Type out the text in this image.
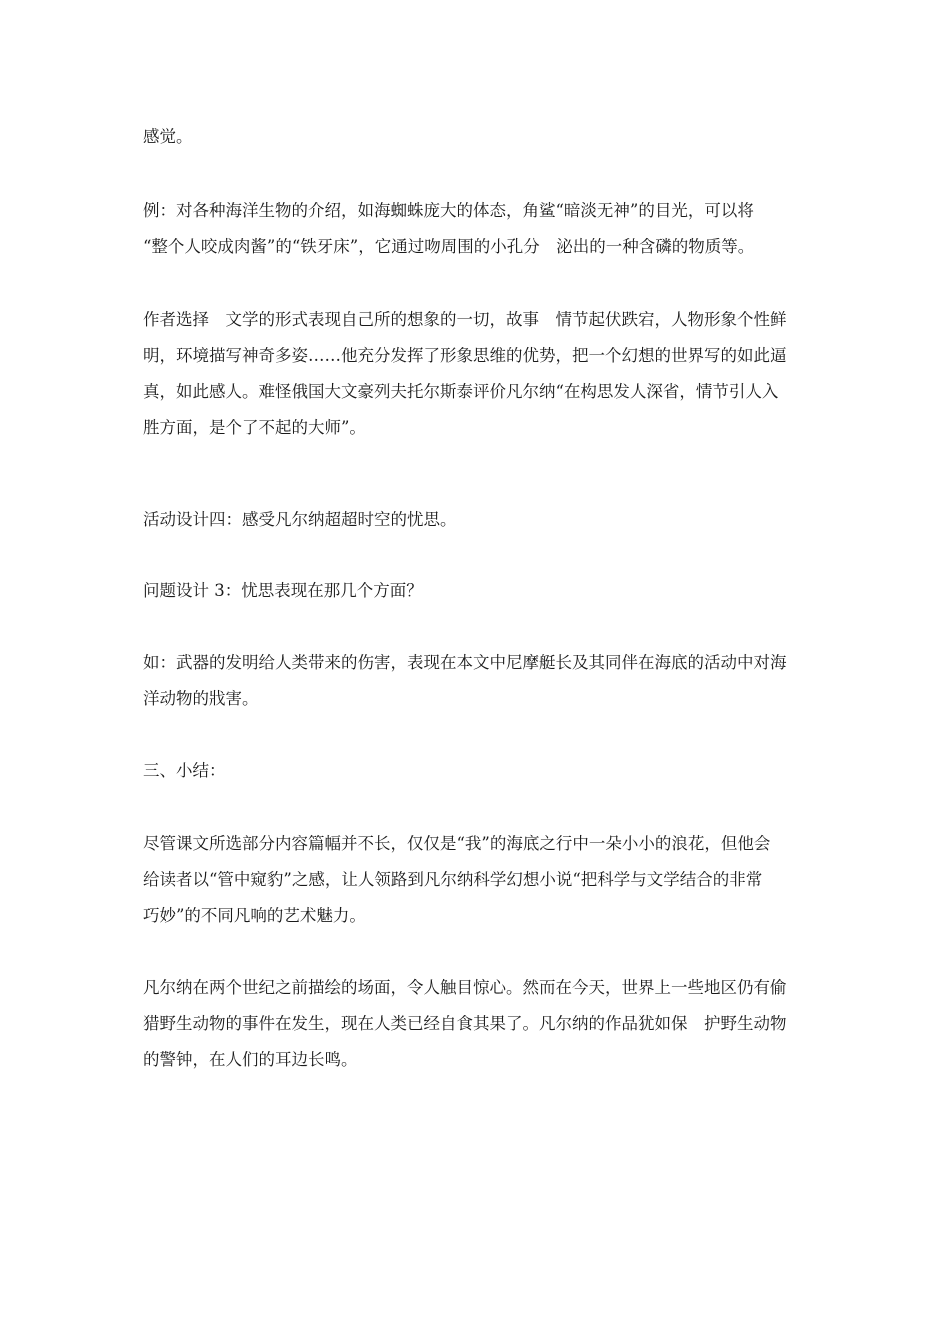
感觉。

例：对各种海洋生物的介绍，如海蜘蛛庞大的体态，角鲨“暗淡无神”的目光，可以将
“整个人咬成肉酱”的“铁牙床”，它通过吻周围的小孔分　泌出的一种含磷的物质等。

作者选择　文学的形式表现自己所的想象的一切，故事　情节起伏跌宕，人物形象个性鲜
明，环境描写神奇多姿……他充分发挥了形象思维的优势，把一个幻想的世界写的如此逼
真，如此感人。难怪俄国大文豪列夫托尔斯泰评价凡尔纳“在构思发人深省，情节引人入
胜方面，是个了不起的大师”。

活动设计四：感受凡尔纳超超时空的忧思。

问题设计 3：忧思表现在那几个方面？

如：武器的发明给人类带来的伤害，表现在本文中尼摩艇长及其同伴在海底的活动中对海
洋动物的戕害。

三、小结：

尽管课文所选部分内容篇幅并不长，仅仅是“我”的海底之行中一朵小小的浪花，但他会
给读者以“管中窥豹”之感，让人领路到凡尔纳科学幻想小说“把科学与文学结合的非常
巧妙”的不同凡响的艺术魅力。

凡尔纳在两个世纪之前描绘的场面，令人触目惊心。然而在今天，世界上一些地区仍有偷
猎野生动物的事件在发生，现在人类已经自食其果了。凡尔纳的作品犹如保　护野生动物
的警钟，在人们的耳边长鸣。
